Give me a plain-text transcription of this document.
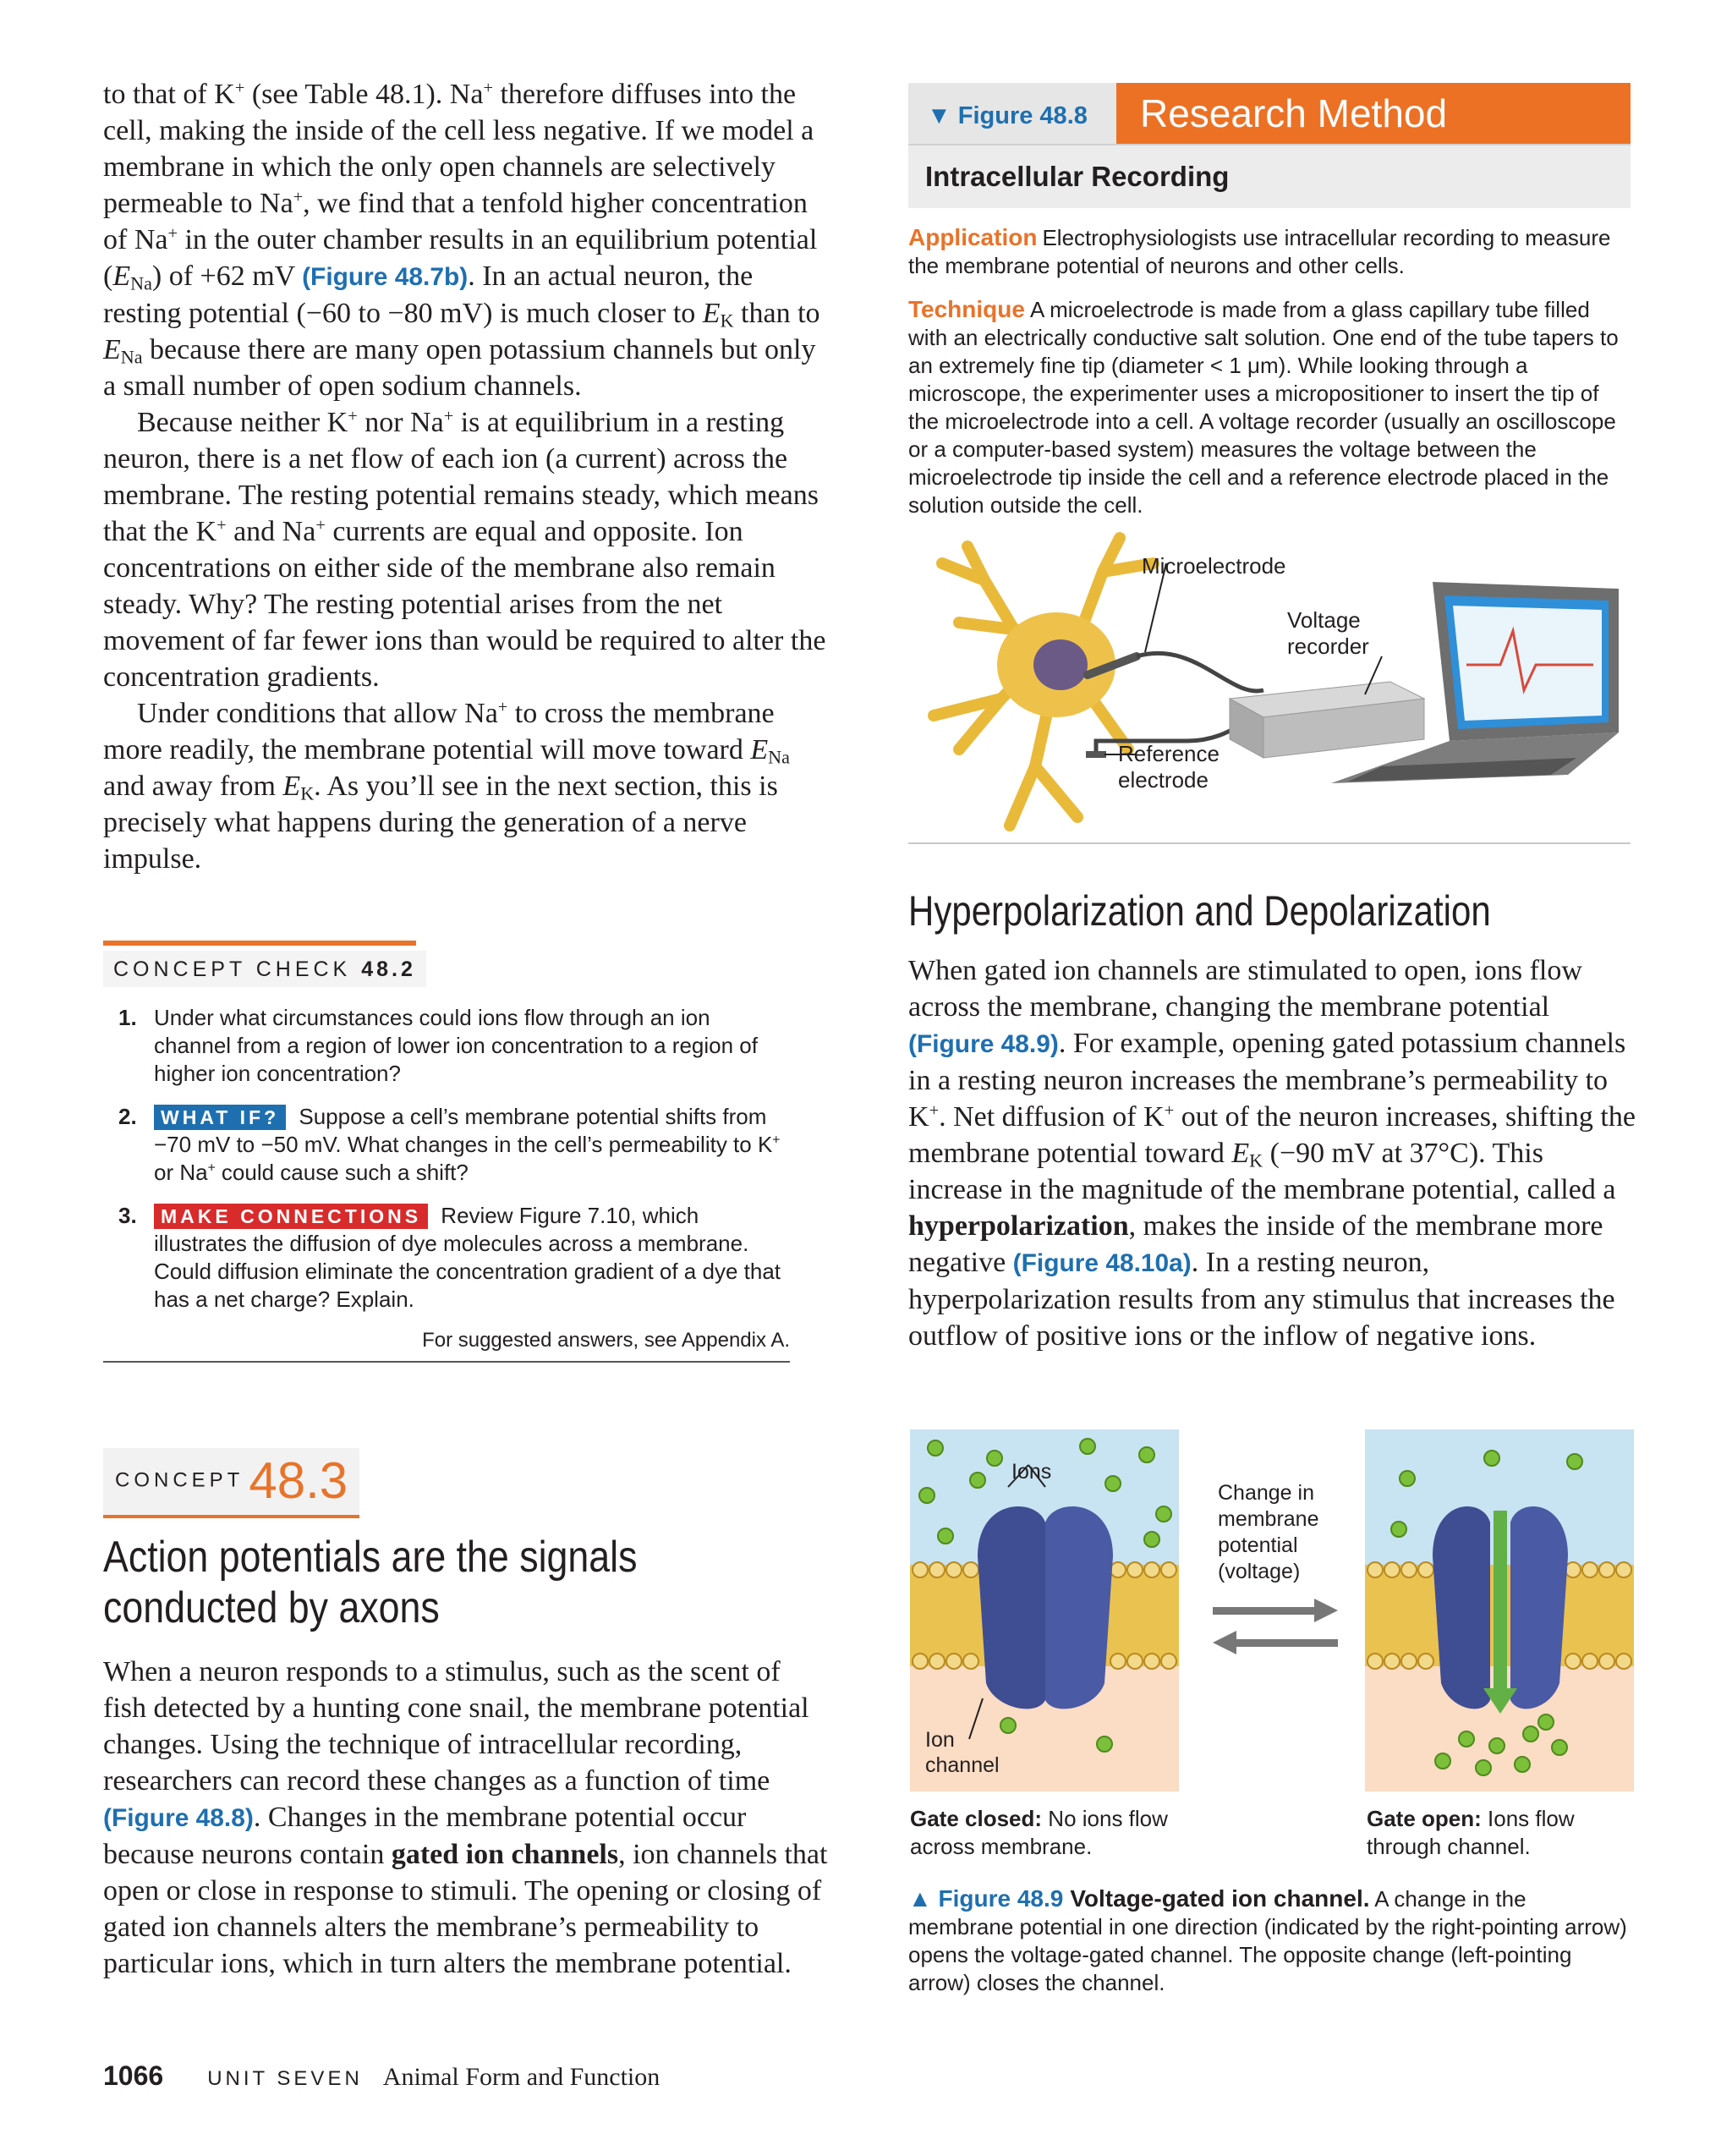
to that of K+ (see Table 48.1). Na+ therefore diffuses into the cell, making the inside of the cell less negative. If we model a membrane in which the only open channels are selectively permeable to Na+, we find that a tenfold higher concentration of Na+ in the outer chamber results in an equilibrium potential $(E_{Na})$ of +62 mV (Figure 48.7b). In an actual neuron, the resting potential (−60 to −80 mV) is much closer to $E_K$ than to $E_{Na}$ because there are many open potassium channels but only a small number of open sodium channels.

Because neither K+ nor Na+ is at equilibrium in a resting neuron, there is a net flow of each ion (a current) across the membrane. The resting potential remains steady, which means that the K+ and Na+ currents are equal and opposite. Ion concentrations on either side of the membrane also remain steady. Why? The resting potential arises from the net movement of far fewer ions than would be required to alter the concentration gradients.

Under conditions that allow Na+ to cross the membrane more readily, the membrane potential will move toward $E_{Na}$ and away from $E_K$. As you’ll see in the next section, this is precisely what happens during the generation of a nerve impulse.

CONCEPT CHECK 48.2
1. Under what circumstances could ions flow through an ion channel from a region of lower ion concentration to a region of higher ion concentration?
2. WHAT IF? Suppose a cell’s membrane potential shifts from −70 mV to −50 mV. What changes in the cell’s permeability to K+ or Na+ could cause such a shift?
3. MAKE CONNECTIONS Review Figure 7.10, which illustrates the diffusion of dye molecules across a membrane. Could diffusion eliminate the concentration gradient of a dye that has a net charge? Explain.
For suggested answers, see Appendix A.
CONCEPT 48.3
Action potentials are the signals
conducted by axons

When a neuron responds to a stimulus, such as the scent of fish detected by a hunting cone snail, the membrane potential changes. Using the technique of intracellular recording, researchers can record these changes as a function of time (Figure 48.8). Changes in the membrane potential occur because neurons contain gated ion channels, ion channels that open or close in response to stimuli. The opening or closing of gated ion channels alters the membrane’s permeability to particular ions, which in turn alters the membrane potential.

1066 UNIT SEVEN Animal Form and Function
▼ Figure 48.8	Research Method
Intracellular Recording

Application Electrophysiologists use intracellular recording to measure the membrane potential of neurons and other cells.

Technique A microelectrode is made from a glass capillary tube filled with an electrically conductive salt solution. One end of the tube tapers to an extremely fine tip (diameter < 1 μm). While looking through a microscope, the experimenter uses a micropositioner to insert the tip of the microelectrode into a cell. A voltage recorder (usually an oscilloscope or a computer-based system) measures the voltage between the microelectrode tip inside the cell and a reference electrode placed in the solution outside the cell.

Microelectrode
Voltage
recorder
Reference
electrode
Hyperpolarization and Depolarization

When gated ion channels are stimulated to open, ions flow across the membrane, changing the membrane potential (Figure 48.9). For example, opening gated potassium channels in a resting neuron increases the membrane’s permeability to K+. Net diffusion of K+ out of the neuron increases, shifting the membrane potential toward $E_K$ (−90 mV at 37°C). This increase in the magnitude of the membrane potential, called a hyperpolarization, makes the inside of the membrane more negative (Figure 48.10a). In a resting neuron, hyperpolarization results from any stimulus that increases the outflow of positive ions or the inflow of negative ions.

Ions
Ion
channel
Change in
membrane
potential
(voltage)
Gate closed: No ions flow across membrane.
Gate open: Ions flow through channel.
▲ Figure 48.9 Voltage-gated ion channel. A change in the membrane potential in one direction (indicated by the right-pointing arrow) opens the voltage-gated channel. The opposite change (left-pointing arrow) closes the channel.
